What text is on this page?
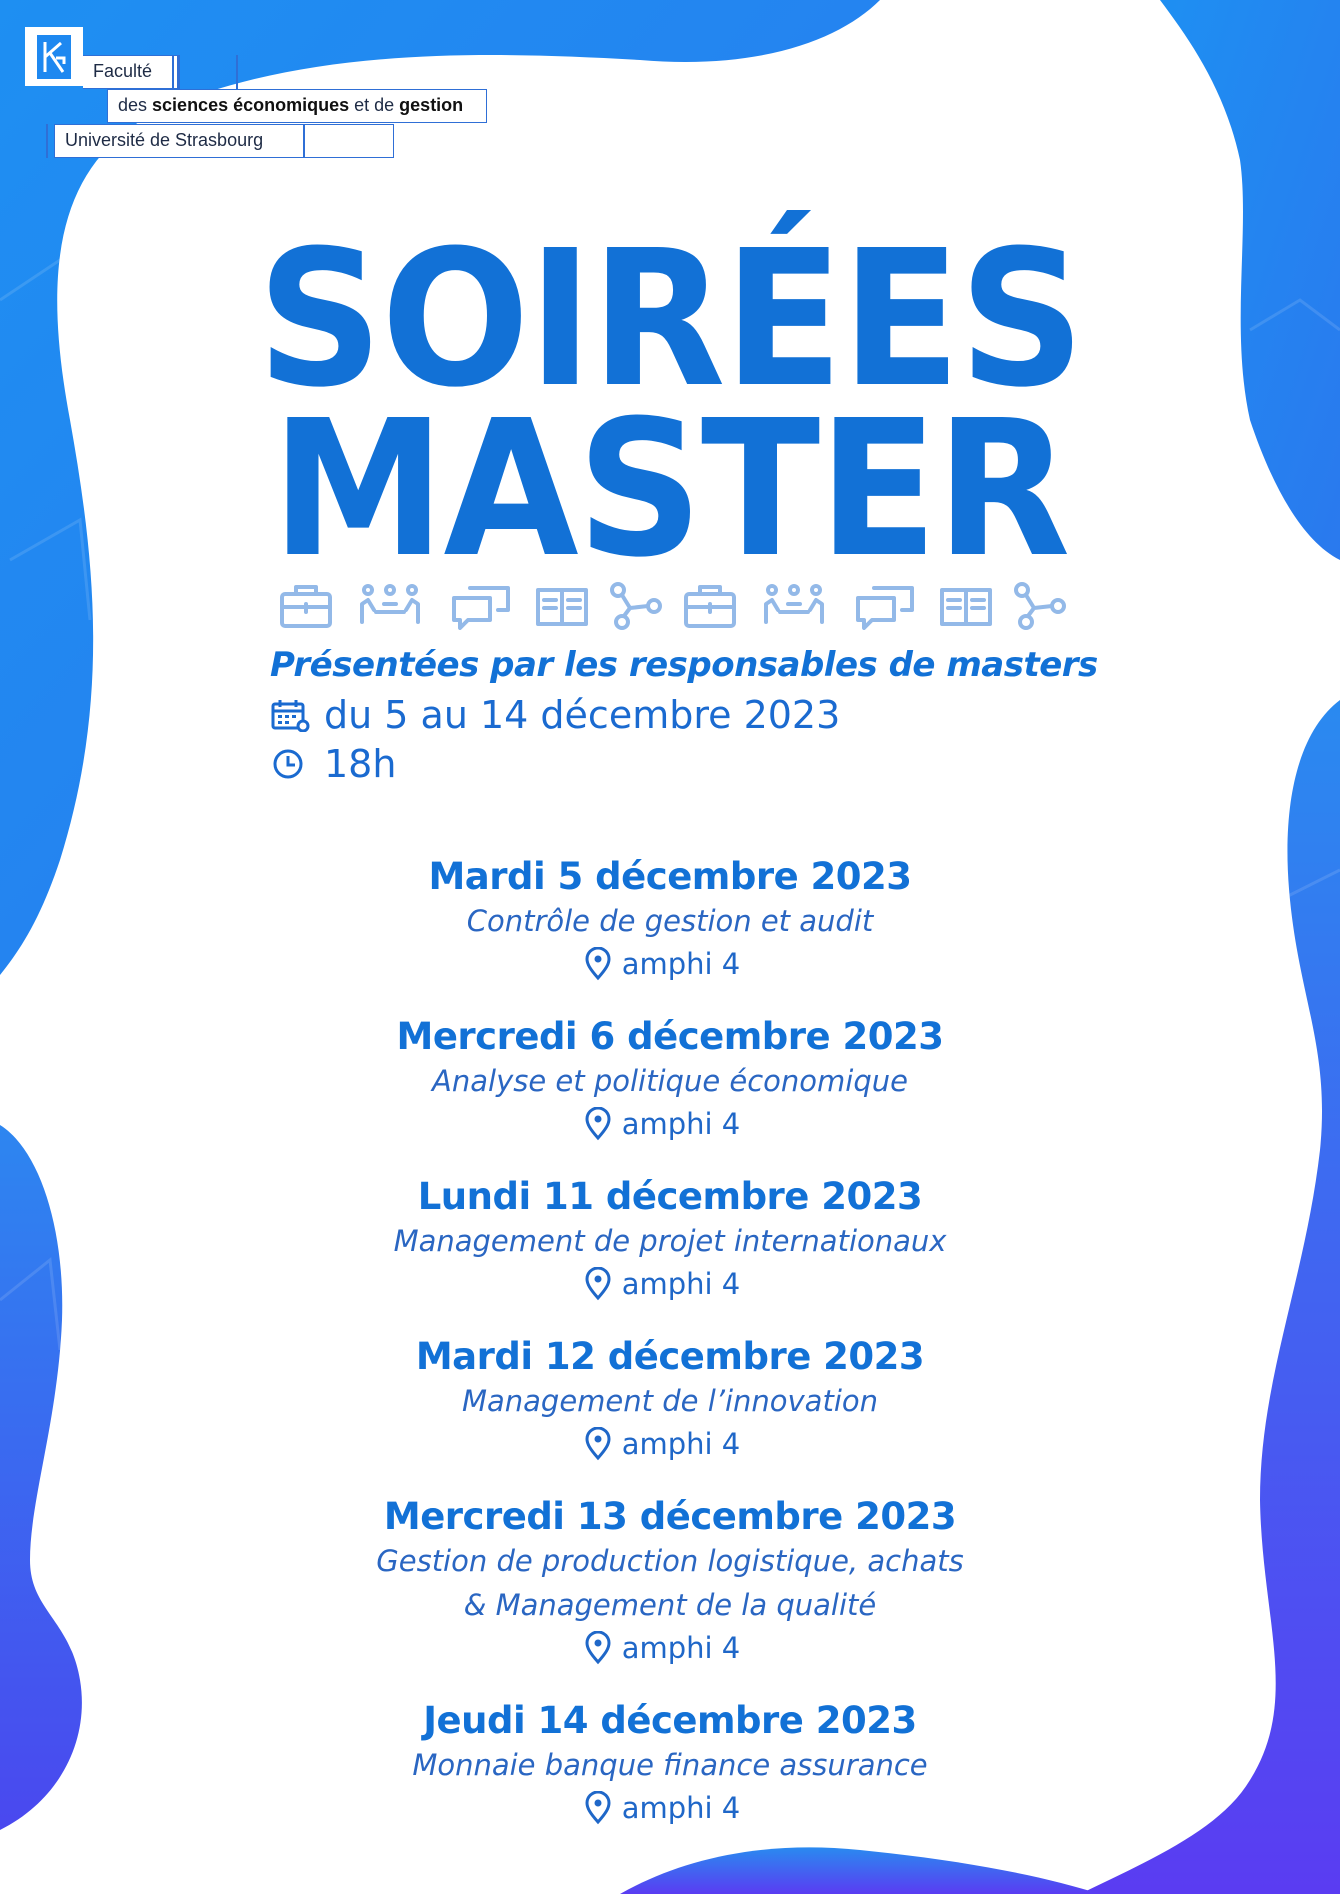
Faculté
des sciences économiques et de gestion
Université de Strasbourg
SOIRÉES
MASTER
Présentées par les responsables de masters
du 5 au 14 décembre 2023
18h
Mardi 5 décembre 2023
Contrôle de gestion et audit
amphi 4
Mercredi 6 décembre 2023
Analyse et politique économique
amphi 4
Lundi 11 décembre 2023
Management de projet internationaux
amphi 4
Mardi 12 décembre 2023
Management de l’innovation
amphi 4
Mercredi 13 décembre 2023
Gestion de production logistique, achats
& Management de la qualité
amphi 4
Jeudi 14 décembre 2023
Monnaie banque finance assurance
amphi 4
